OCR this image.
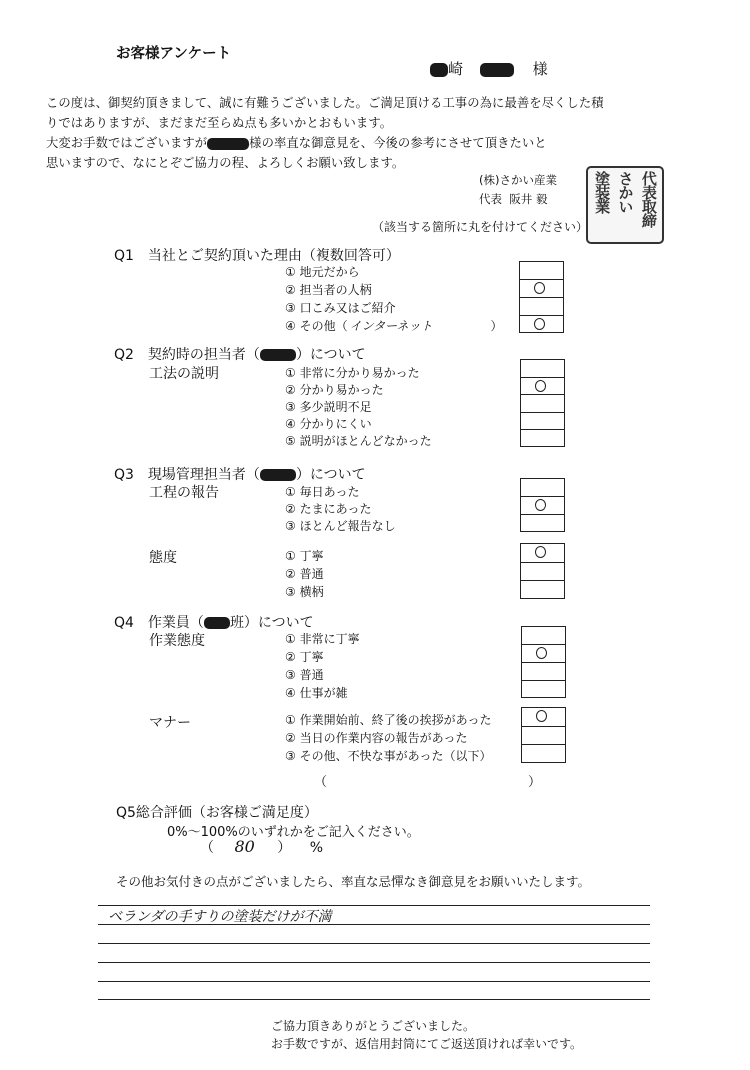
お客様アンケート
崎	様
この度は、御契約頂きまして、誠に有難うございました。ご満足頂ける工事の為に最善を尽くした積
りではありますが、まだまだ至らぬ点も多いかとおもいます。
大変お手数ではございますが	様の率直な御意見を、今後の参考にさせて頂きたいと
思いますので、なにとぞご協力の程、よろしくお願い致します。
(株)さかい産業
代表 阪井 毅	代表取締
さかい
塗装業
（該当する箇所に丸を付けてください）
Q1　当社とご契約頂いた理由（複数回答可）
① 地元だから
② 担当者の人柄
③ 口こみ又はご紹介
④ その他（ インターネット	）
Q2　契約時の担当者（	）について
工法の説明	① 非常に分かり易かった
② 分かり易かった
③ 多少説明不足
④ 分かりにくい
⑤ 説明がほとんどなかった
Q3　現場管理担当者（	）について
工程の報告	① 毎日あった
② たまにあった
③ ほとんど報告なし
態度	① 丁寧
② 普通
③ 横柄
Q4　作業員（ 班）について
作業態度	① 非常に丁寧
② 丁寧
③ 普通
④ 仕事が雑
マナー	① 作業開始前、終了後の挨拶があった
② 当日の作業内容の報告があった
③ その他、不快な事があった（以下）
（	）
Q5総合評価（お客様ご満足度）
0%〜100%のいずれかをご記入ください。
（ 80 ） %
その他お気付きの点がございましたら、率直な忌憚なき御意見をお願いいたします。
ベランダの手すりの塗装だけが不満
ご協力頂きありがとうございました。
お手数ですが、返信用封筒にてご返送頂ければ幸いです。
